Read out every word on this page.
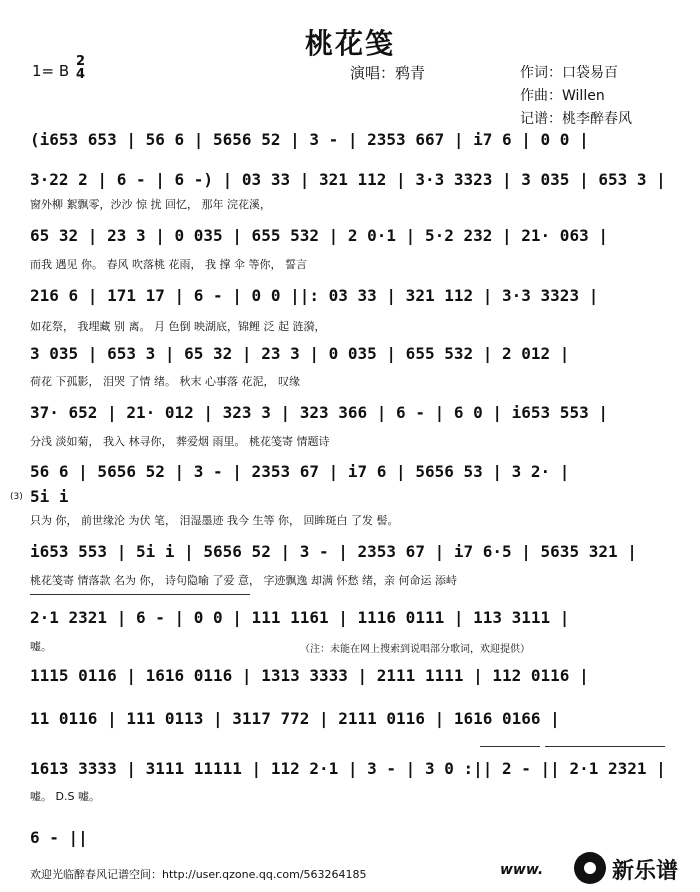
桃花笺
1= B
2
4	演唱：鸦青	作词：口袋易百
作曲：Willen
记谱：桃李醉春风
(i653 653 | 56 6 | 5656 52 | 3 - | 2353 667 | i7 6 | 0 0 |
3·22 2 | 6 - | 6 -) | 03 33 | 321 112 | 3·3 3323 | 3 035 | 653 3 |
窗外柳 絮飘零，沙沙 惊 扰 回忆， 那年 浣花溪，
65 32 | 23 3 | 0 035 | 655 532 | 2 0·1 | 5·2 232 | 21· 063 |
而我 遇见 你。 春风 吹落桃 花雨， 我 撑 伞 等你， 誓言
216 6 | 171 17 | 6 - | 0 0 ||: 03 33 | 321 112 | 3·3 3323 |
如花祭， 我埋藏 别 离。 月 色倒 映湖底，锦鲤 泛 起 涟漪，
3 035 | 653 3 | 65 32 | 23 3 | 0 035 | 655 532 | 2 012 |
荷花 下孤影， 泪哭 了情 绪。 秋末 心事落 花泥， 叹缘
37· 652 | 21· 012 | 323 3 | 323 366 | 6 - | 6 0 | i653 553 |
分浅 淡如菊， 我入 林寻你， 葬爱烟 雨里。 桃花笺寄 情题诗
56 6 | 5656 52 | 3 - | 2353 67 | i7 6 | 5656 53 | 3 2· |
(3) 5i i
只为 你， 前世缘沦 为伏 笔， 泪湿墨迹 我今 生等 你， 回眸斑白 了发 髻。
i653 553 | 5i i | 5656 52 | 3 - | 2353 67 | i7 6·5 | 5635 321 |
桃花笺寄 情落款 名为 你， 诗句隐喻 了爱 意， 字迹飘逸 却满 怀愁 绪，亲 何命运 添峙
2·1 2321 | 6 - | 0 0 | 111 1161 | 1116 0111 | 113 3111 |
嘘。	（注：未能在网上搜索到说唱部分歌词，欢迎提供）
1115 0116 | 1616 0116 | 1313 3333 | 2111 1111 | 112 0116 |
11 0116 | 111 0113 | 3117 772 | 2111 0116 | 1616 0166 |
1613 3333 | 3111 11111 | 112 2·1 | 3 - | 3 0 :|| 2 - || 2·1 2321 |
嘘。 D.S 嘘。
6 - ||
欢迎光临醉春风记谱空间：http://user.qzone.qq.com/563264185	www.	新乐谱
